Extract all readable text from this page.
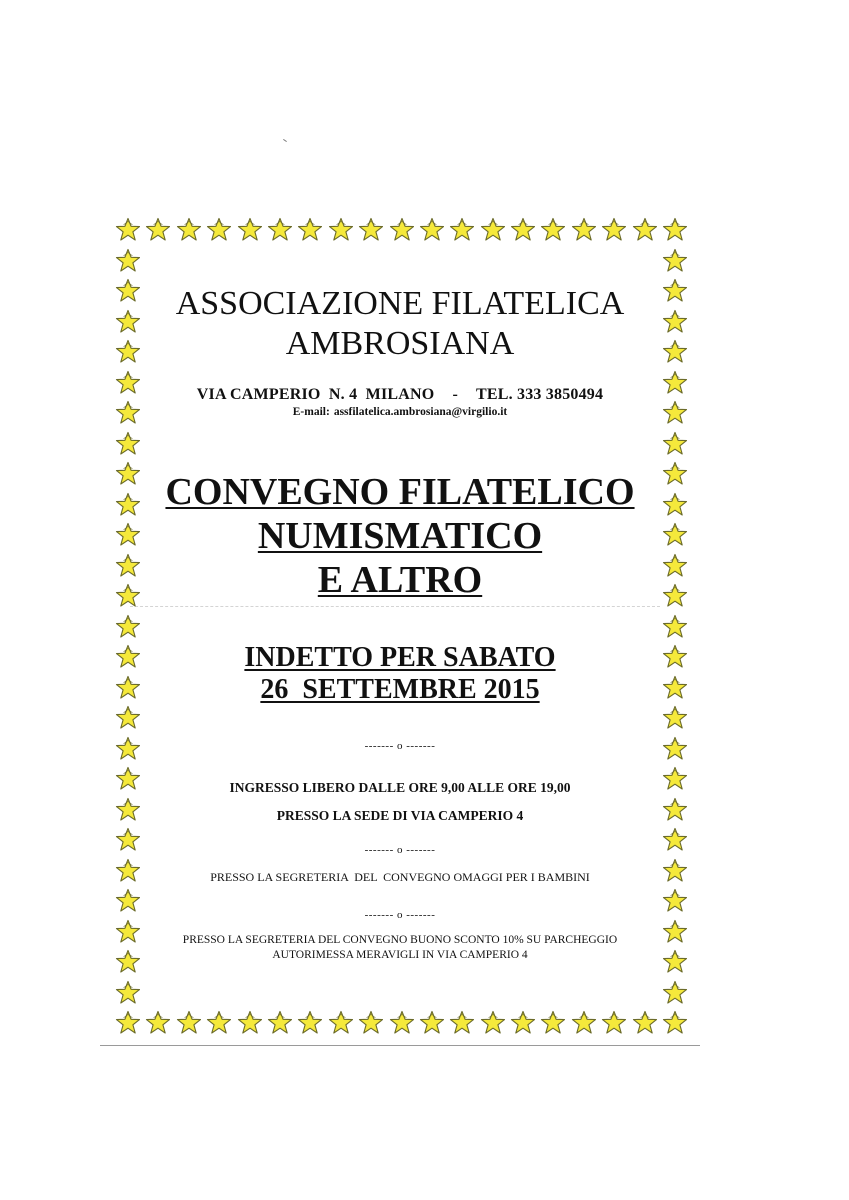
ASSOCIAZIONE FILATELICA
AMBROSIANA
VIA CAMPERIO  N. 4  MILANO - TEL. 333 3850494
E-mail: assfilatelica.ambrosiana@virgilio.it
CONVEGNO FILATELICO
NUMISMATICO
E ALTRO
INDETTO PER SABATO
26  SETTEMBRE 2015
------- o -------
INGRESSO LIBERO DALLE ORE 9,00 ALLE ORE 19,00
PRESSO LA SEDE DI VIA CAMPERIO 4
------- o -------
PRESSO LA SEGRETERIA  DEL  CONVEGNO OMAGGI PER I BAMBINI
------- o -------
PRESSO LA SEGRETERIA DEL CONVEGNO BUONO SCONTO 10% SU PARCHEGGIO
AUTORIMESSA MERAVIGLI IN VIA CAMPERIO 4
